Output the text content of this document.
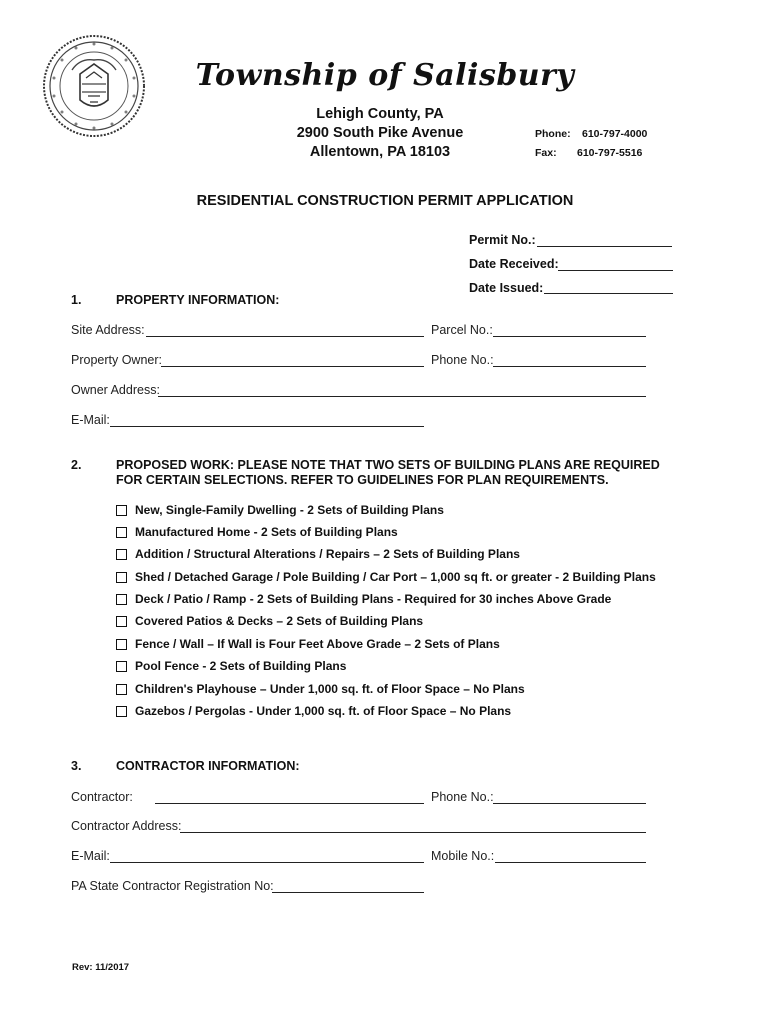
Township of Salisbury
Lehigh County, PA
2900 South Pike Avenue
Allentown, PA 18103
Phone: 610-797-4000
Fax: 610-797-5516
RESIDENTIAL CONSTRUCTION PERMIT APPLICATION
Permit No.:
Date Received:
Date Issued:
1.	PROPERTY INFORMATION:
Site Address:	Parcel No.:
Property Owner:	Phone No.:
Owner Address:
E-Mail:
2.	PROPOSED WORK: PLEASE NOTE THAT TWO SETS OF BUILDING PLANS ARE REQUIRED
FOR CERTAIN SELECTIONS. REFER TO GUIDELINES FOR PLAN REQUIREMENTS.
New, Single-Family Dwelling - 2 Sets of Building Plans
Manufactured Home - 2 Sets of Building Plans
Addition / Structural Alterations / Repairs – 2 Sets of Building Plans
Shed / Detached Garage / Pole Building / Car Port – 1,000 sq ft. or greater - 2 Building Plans
Deck / Patio / Ramp - 2 Sets of Building Plans - Required for 30 inches Above Grade
Covered Patios & Decks – 2 Sets of Building Plans
Fence / Wall – If Wall is Four Feet Above Grade – 2 Sets of Plans
Pool Fence - 2 Sets of Building Plans
Children's Playhouse – Under 1,000 sq. ft. of Floor Space – No Plans
Gazebos / Pergolas - Under 1,000 sq. ft. of Floor Space – No Plans
3.	CONTRACTOR INFORMATION:
Contractor:	Phone No.:
Contractor Address:
E-Mail:	Mobile No.:
PA State Contractor Registration No:
Rev: 11/2017
